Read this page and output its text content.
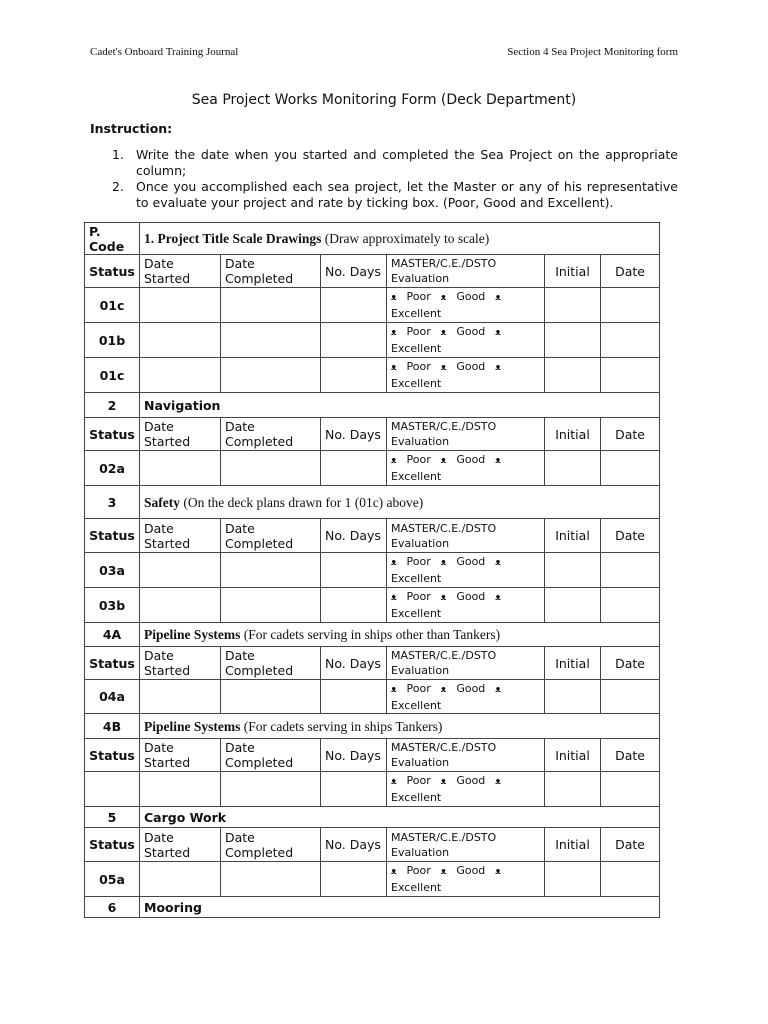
Cadet's Onboard Training Journal	Section 4 Sea Project Monitoring form
Sea Project Works Monitoring Form (Deck Department)
Instruction:
1. Write the date when you started and completed the Sea Project on the appropriate column;
2. Once you accomplished each sea project, let the Master or any of his representative to evaluate your project and rate by ticking box. (Poor, Good and Excellent).
P. Code	1. Project Title Scale Drawings (Draw approximately to scale)					
Status	Date Started	Date Completed	No. Days	MASTER/C.E./DSTO Evaluation	Initial	Date
01c				ᴥ Poor ᴥ Good ᴥ
Excellent		
01b				ᴥ Poor ᴥ Good ᴥ
Excellent		
01c				ᴥ Poor ᴥ Good ᴥ
Excellent		
2	Navigation					
Status	Date Started	Date Completed	No. Days	MASTER/C.E./DSTO Evaluation	Initial	Date
02a				ᴥ Poor ᴥ Good ᴥ
Excellent		
3	Safety (On the deck plans drawn for 1 (01c) above)					
Status	Date Started	Date Completed	No. Days	MASTER/C.E./DSTO Evaluation	Initial	Date
03a				ᴥ Poor ᴥ Good ᴥ
Excellent		
03b				ᴥ Poor ᴥ Good ᴥ
Excellent		
4A	Pipeline Systems (For cadets serving in ships other than Tankers)					
Status	Date Started	Date Completed	No. Days	MASTER/C.E./DSTO Evaluation	Initial	Date
04a				ᴥ Poor ᴥ Good ᴥ
Excellent		
4B	Pipeline Systems (For cadets serving in ships Tankers)					
Status	Date Started	Date Completed	No. Days	MASTER/C.E./DSTO Evaluation	Initial	Date
				ᴥ Poor ᴥ Good ᴥ
Excellent		
5	Cargo Work					
Status	Date Started	Date Completed	No. Days	MASTER/C.E./DSTO Evaluation	Initial	Date
05a				ᴥ Poor ᴥ Good ᴥ
Excellent		
6	Mooring					
